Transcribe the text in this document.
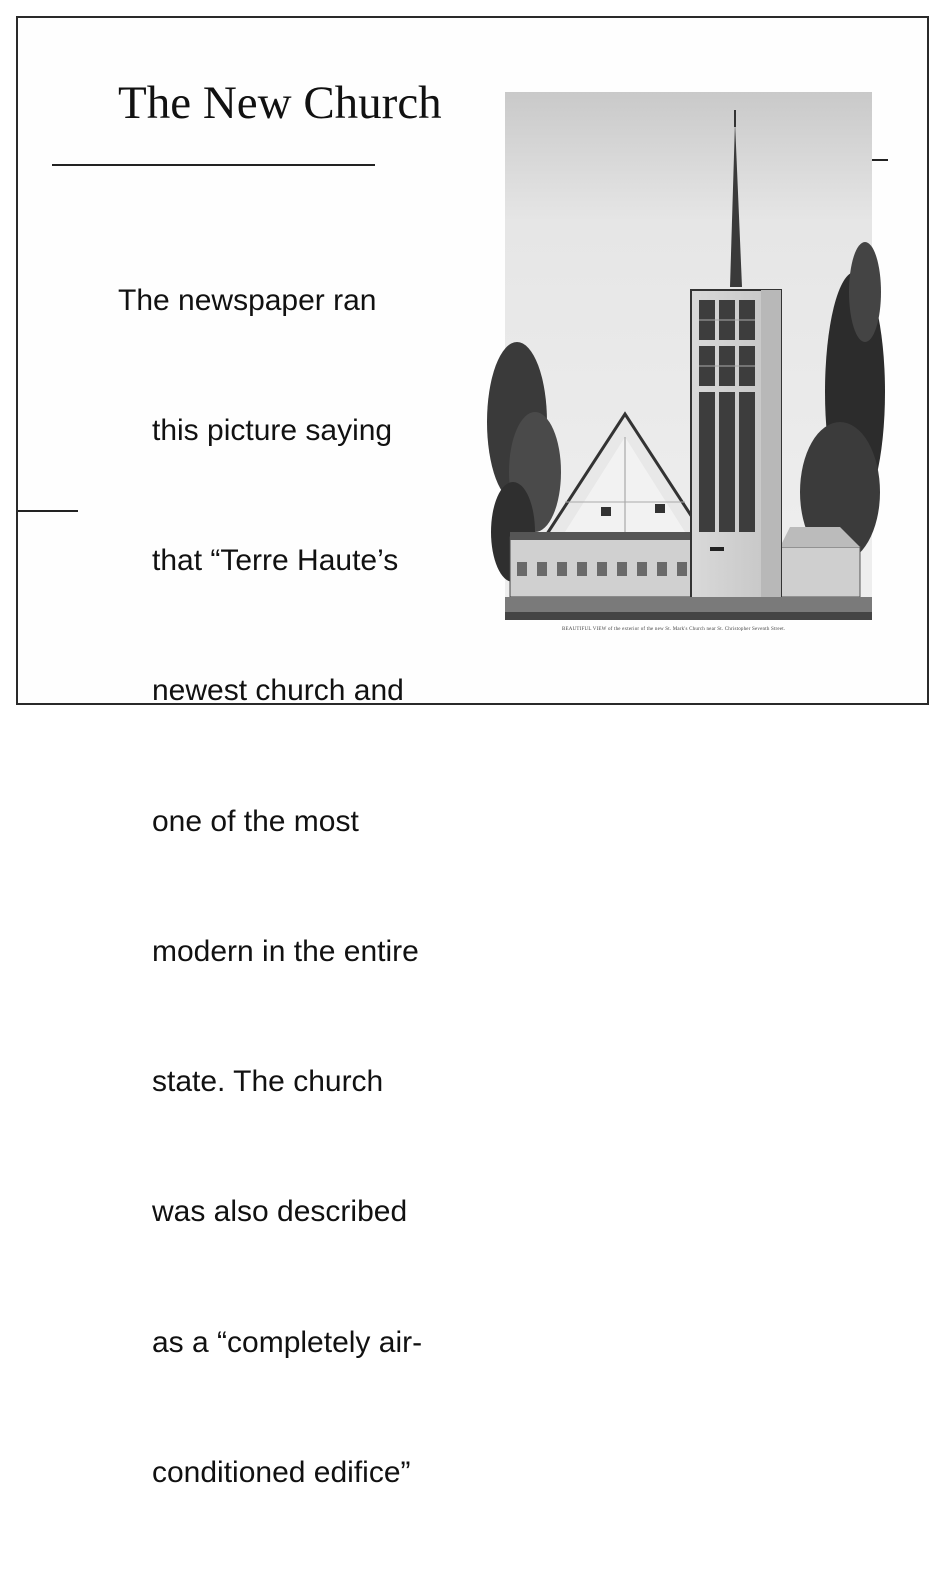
The New Church

The newspaper ran

this picture saying

that “Terre Haute’s

newest church and

one of the most

modern in the entire

state. The church

was also described

as a “completely air-

conditioned edifice”

BEAUTIFUL VIEW of the exterior of the new St. Mark's Church near St. Christopher Seventh Street.
